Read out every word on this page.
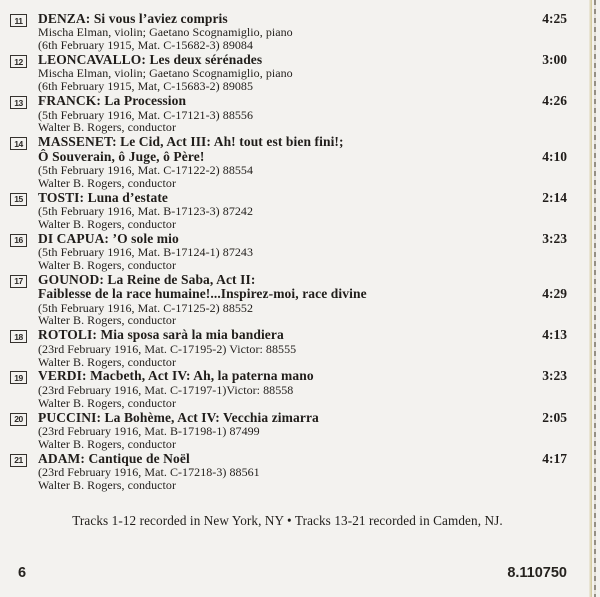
11	DENZA: Si vous l’aviez compris	4:25
Mischa Elman, violin; Gaetano Scognamiglio, piano
(6th February 1915, Mat. C-15682-3) 89084
12	LEONCAVALLO: Les deux sérénades	3:00
Mischa Elman, violin; Gaetano Scognamiglio, piano
(6th February 1915, Mat, C-15683-2) 89085
13	FRANCK: La Procession	4:26
(5th February 1916, Mat. C-17121-3) 88556
Walter B. Rogers, conductor
14	MASSENET: Le Cid, Act III: Ah! tout est bien fini!;
Ô Souverain, ô Juge, ô Père!	4:10
(5th February 1916, Mat. C-17122-2) 88554
Walter B. Rogers, conductor
15	TOSTI: Luna d’estate	2:14
(5th February 1916, Mat. B-17123-3) 87242
Walter B. Rogers, conductor
16	DI CAPUA: ’O sole mio	3:23
(5th February 1916, Mat. B-17124-1) 87243
Walter B. Rogers, conductor
17	GOUNOD: La Reine de Saba, Act II:
Faiblesse de la race humaine!...Inspirez-moi, race divine	4:29
(5th February 1916, Mat. C-17125-2) 88552
Walter B. Rogers, conductor
18	ROTOLI: Mia sposa sarà la mia bandiera	4:13
(23rd February 1916, Mat. C-17195-2) Victor: 88555
Walter B. Rogers, conductor
19	VERDI: Macbeth, Act IV: Ah, la paterna mano	3:23
(23rd February 1916, Mat. C-17197-1)Victor: 88558
Walter B. Rogers, conductor
20	PUCCINI: La Bohème, Act IV: Vecchia zimarra	2:05
(23rd February 1916, Mat. B-17198-1) 87499
Walter B. Rogers, conductor
21	ADAM: Cantique de Noël	4:17
(23rd February 1916, Mat. C-17218-3) 88561
Walter B. Rogers, conductor
Tracks 1-12 recorded in New York, NY • Tracks 13-21 recorded in Camden, NJ.
6	8.110750
